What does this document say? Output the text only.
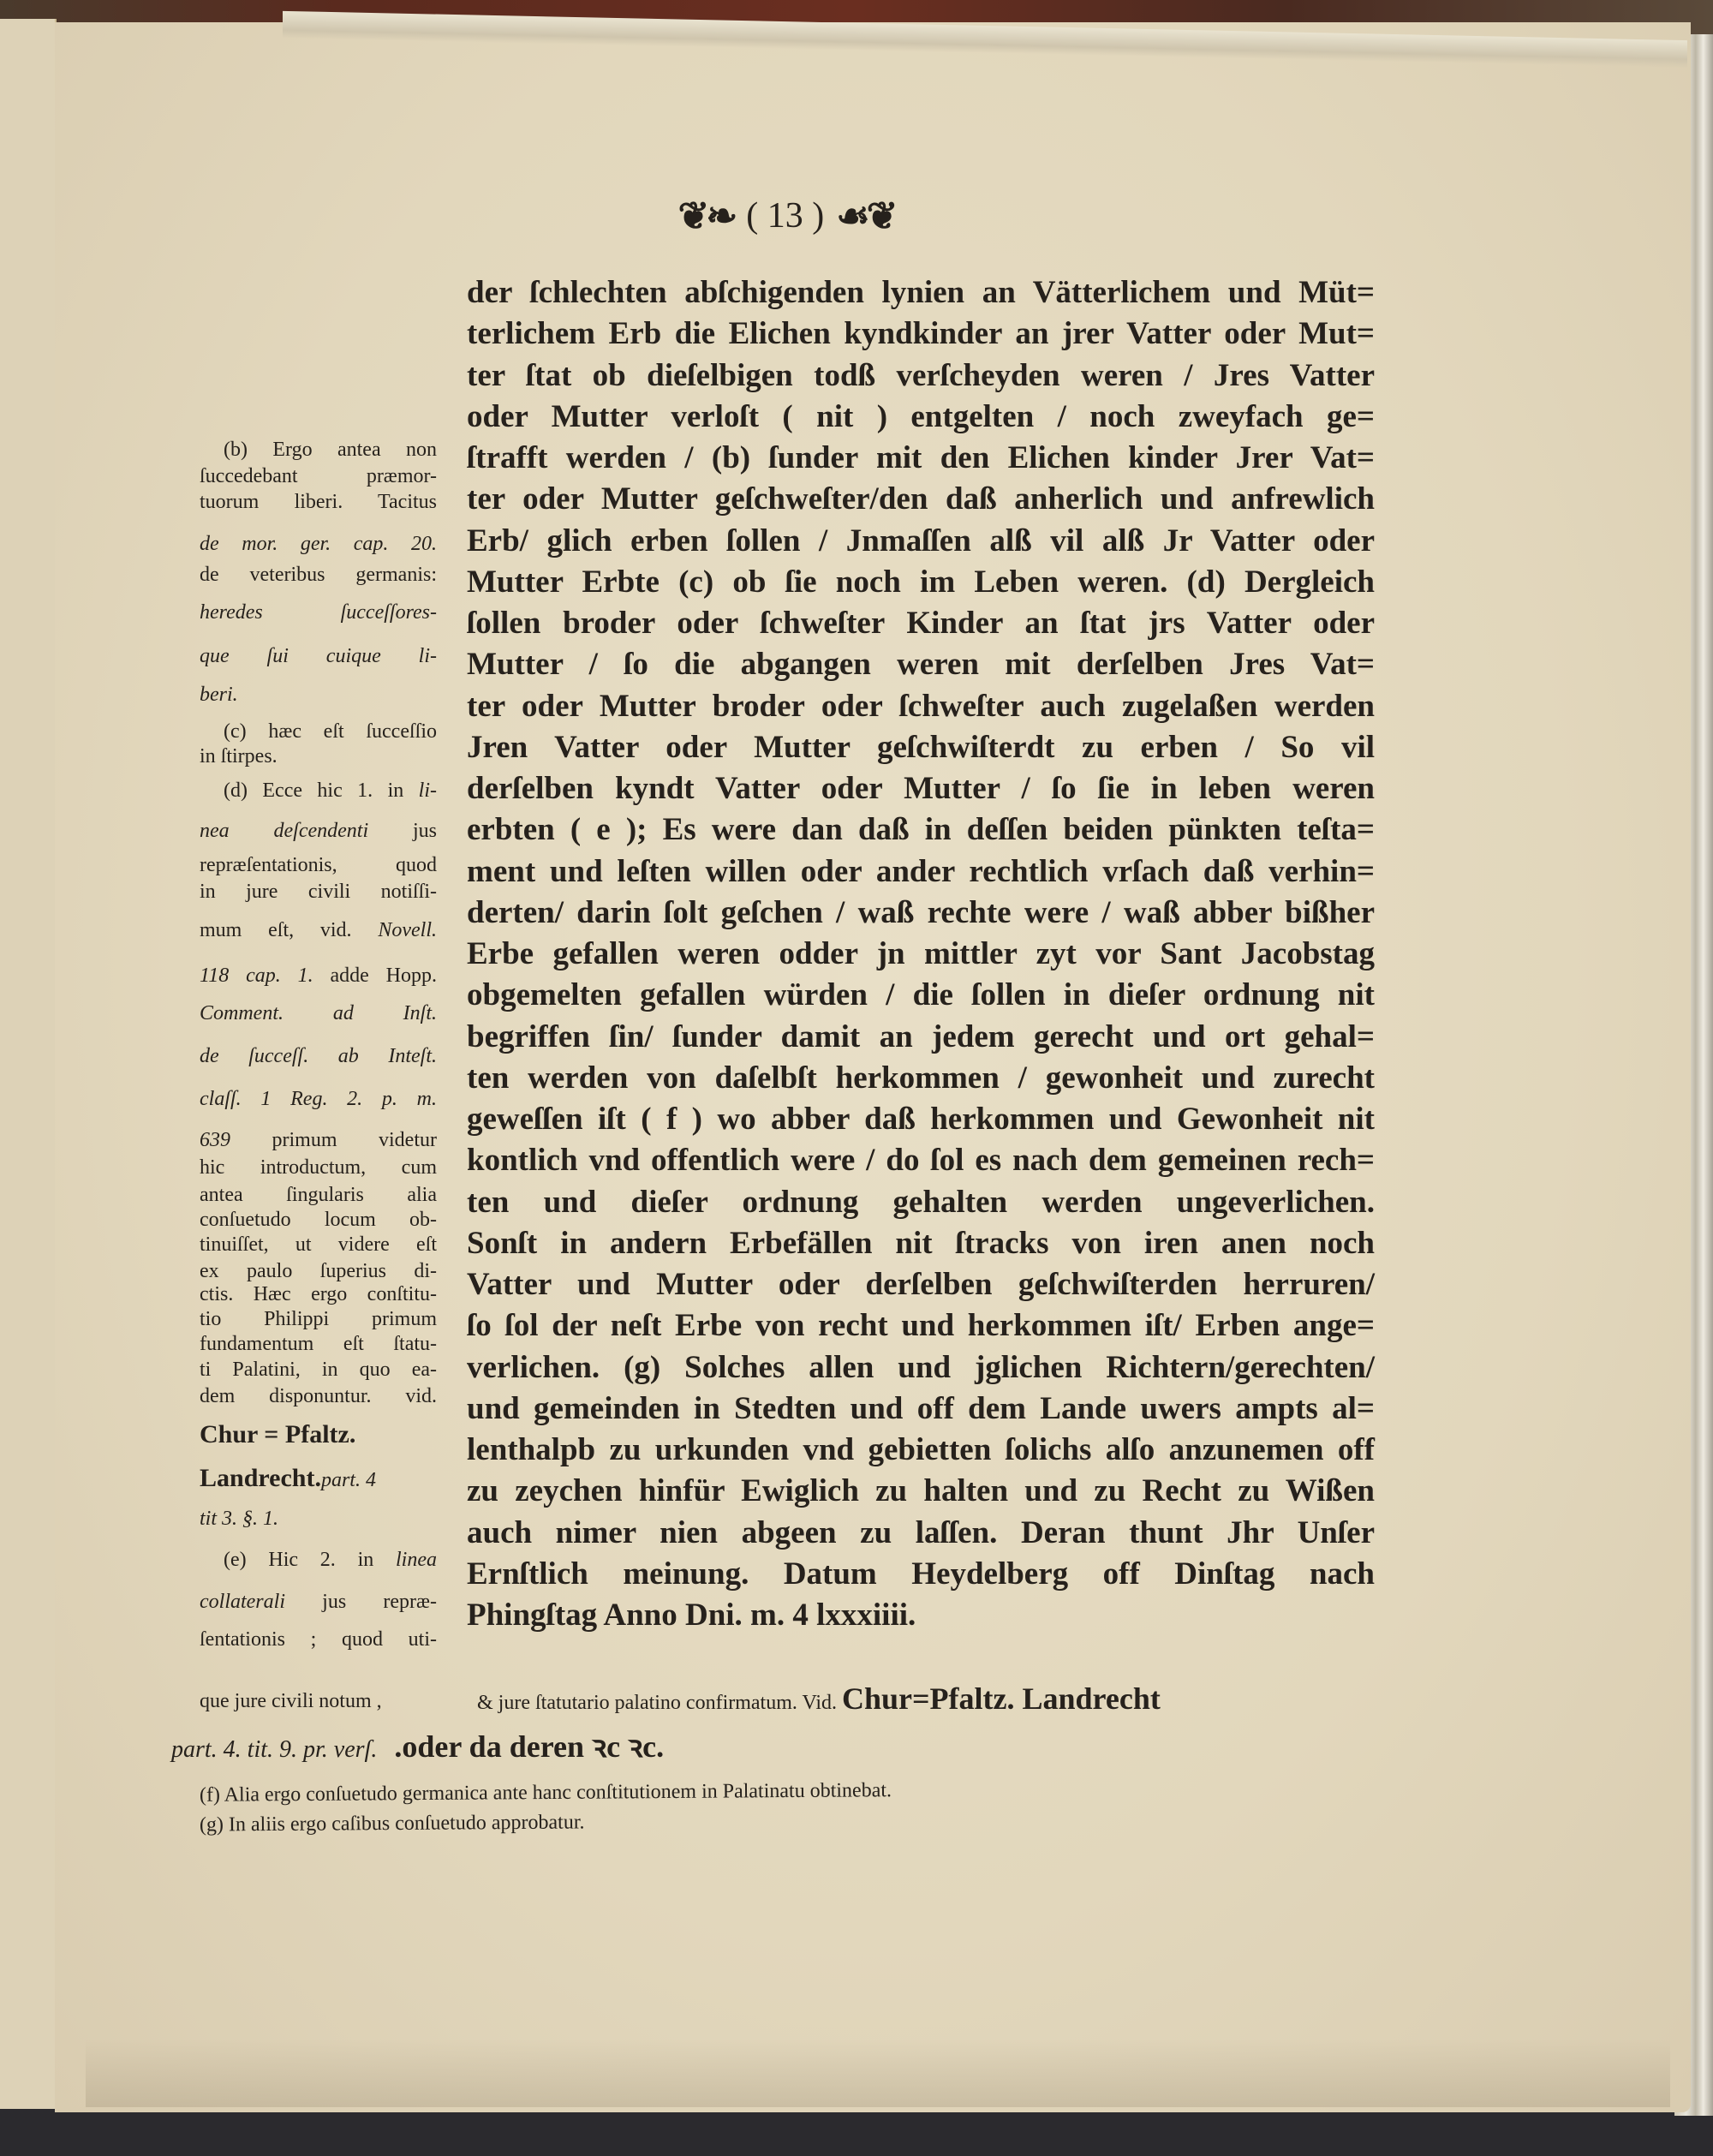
❦❧ ( 13 ) ☙❦
der ſchlechten abſchigenden lynien an Vätterlichem und Müt=
terlichem Erb die Elichen kyndkinder an jrer Vatter oder Mut=
ter ſtat ob dieſelbigen todß verſcheyden weren / Jres Vatter
oder Mutter verloſt ( nit ) entgelten / noch zweyfach ge=
ſtrafft werden / (b) ſunder mit den Elichen kinder Jrer Vat=
ter oder Mutter geſchweſter/den daß anherlich und anfrewlich
Erb/ glich erben ſollen / Jnmaſſen alß vil alß Jr Vatter oder
Mutter Erbte (c) ob ſie noch im Leben weren. (d) Dergleich
ſollen broder oder ſchweſter Kinder an ſtat jrs Vatter oder
Mutter / ſo die abgangen weren mit derſelben Jres Vat=
ter oder Mutter broder oder ſchweſter auch zugelaßen werden
Jren Vatter oder Mutter geſchwiſterdt zu erben / So vil
derſelben kyndt Vatter oder Mutter / ſo ſie in leben weren
erbten ( e ); Es were dan daß in deſſen beiden pünkten teſta=
ment und leſten willen oder ander rechtlich vrſach daß verhin=
derten/ darin ſolt geſchen / waß rechte were / waß abber bißher
Erbe gefallen weren odder jn mittler zyt vor Sant Jacobstag
obgemelten gefallen würden / die ſollen in dieſer ordnung nit
begriffen ſin/ ſunder damit an jedem gerecht und ort gehal=
ten werden von daſelbſt herkommen / gewonheit und zurecht
geweſſen iſt ( f ) wo abber daß herkommen und Gewonheit nit
kontlich vnd offentlich were / do ſol es nach dem gemeinen rech=
ten und dieſer ordnung gehalten werden ungeverlichen.
Sonſt in andern Erbefällen nit ſtracks von iren anen noch
Vatter und Mutter oder derſelben geſchwiſterden herruren/
ſo ſol der neſt Erbe von recht und herkommen iſt/ Erben ange=
verlichen. (g) Solches allen und jglichen Richtern/gerechten/
und gemeinden in Stedten und off dem Lande uwers ampts al=
lenthalpb zu urkunden vnd gebietten ſolichs alſo anzunemen off
zu zeychen hinfür Ewiglich zu halten und zu Recht zu Wißen
auch nimer nien abgeen zu laſſen. Deran thunt Jhr Unſer
Ernſtlich meinung. Datum Heydelberg off Dinſtag nach
Phingſtag Anno Dni. m. 4 lxxxiiii.
(b) Ergo antea non
ſuccedebant præmor-
tuorum liberi. Tacitus
de mor. ger. cap. 20.
de veteribus germanis:
heredes ſucceſſores-
que ſui cuique li-
beri.
(c) hæc eſt ſucceſſio
in ſtirpes.
(d) Ecce hic 1. in li-
nea deſcendenti jus
repræſentationis, quod
in jure civili notiſſi-
mum eſt, vid. Novell.
118 cap. 1. adde Hopp.
Comment. ad Inſt.
de ſucceſſ. ab Inteſt.
claſſ. 1 Reg. 2. p. m.
639 primum videtur
hic introductum, cum
antea ſingularis alia
conſuetudo locum ob-
tinuiſſet, ut videre eſt
ex paulo ſuperius di-
ctis. Hæc ergo conſtitu-
tio Philippi primum
fundamentum eſt ſtatu-
ti Palatini, in quo ea-
dem disponuntur. vid.
Chur = Pfaltz.
Landrecht.part. 4
tit 3. §. 1.
(e) Hic 2. in linea
collaterali jus repræ-
ſentationis ; quod uti-
que jure civili notum ,	& jure ſtatutario palatino confirmatum. Vid. Chur=Pfaltz. Landrecht
part. 4. tit. 9. pr. verſ. .oder da deren ꝛc ꝛc.
(f) Alia ergo conſuetudo germanica ante hanc conſtitutionem in Palatinatu obtinebat.
(g) In aliis ergo caſibus conſuetudo approbatur.
